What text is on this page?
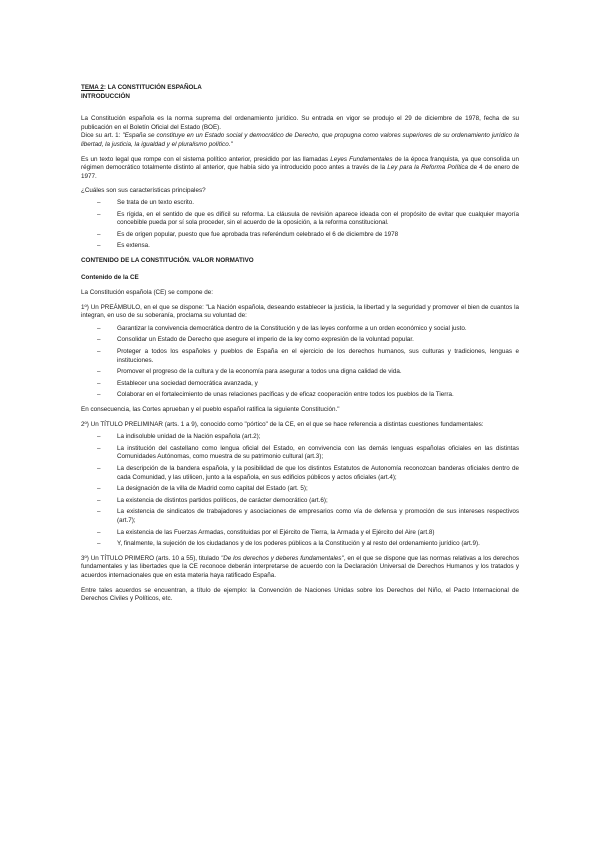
TEMA 2: LA CONSTITUCIÓN ESPAÑOLA
INTRODUCCIÓN

La Constitución española es la norma suprema del ordenamiento jurídico. Su entrada en vigor se produjo el 29 de diciembre de 1978, fecha de su publicación en el Boletín Oficial del Estado (BOE).
Dice su art. 1: "España se constituye en un Estado social y democrático de Derecho, que propugna como valores superiores de su ordenamiento jurídico la libertad, la justicia, la igualdad y el pluralismo político."

Es un texto legal que rompe con el sistema político anterior, presidido por las llamadas Leyes Fundamentales de la época franquista, ya que consolida un régimen democrático totalmente distinto al anterior, que había sido ya introducido poco antes a través de la Ley para la Reforma Política de 4 de enero de 1977.

¿Cuáles son sus características principales?

– Se trata de un texto escrito.
– Es rígida, en el sentido de que es difícil su reforma. La cláusula de revisión aparece ideada con el propósito de evitar que cualquier mayoría concebible pueda por sí sola proceder, sin el acuerdo de la oposición, a la reforma constitucional.
– Es de origen popular, puesto que fue aprobada tras referéndum celebrado el 6 de diciembre de 1978
– Es extensa.
CONTENIDO DE LA CONSTITUCIÓN. VALOR NORMATIVO
Contenido de la CE

La Constitución española (CE) se compone de:

1º) Un PREÁMBULO, en el que se dispone: "La Nación española, deseando establecer la justicia, la libertad y la seguridad y promover el bien de cuantos la integran, en uso de su soberanía, proclama su voluntad de:

– Garantizar la convivencia democrática dentro de la Constitución y de las leyes conforme a un orden económico y social justo.
– Consolidar un Estado de Derecho que asegure el imperio de la ley como expresión de la voluntad popular.
– Proteger a todos los españoles y pueblos de España en el ejercicio de los derechos humanos, sus culturas y tradiciones, lenguas e instituciones.
– Promover el progreso de la cultura y de la economía para asegurar a todos una digna calidad de vida.
– Establecer una sociedad democrática avanzada, y
– Colaborar en el fortalecimiento de unas relaciones pacíficas y de eficaz cooperación entre todos los pueblos de la Tierra.

En consecuencia, las Cortes aprueban y el pueblo español ratifica la siguiente Constitución."

2º) Un TÍTULO PRELIMINAR (arts. 1 a 9), conocido como "pórtico" de la CE, en el que se hace referencia a distintas cuestiones fundamentales:

– La indisoluble unidad de la Nación española (art.2);
– La institución del castellano como lengua oficial del Estado, en convivencia con las demás lenguas españolas oficiales en las distintas Comunidades Autónomas, como muestra de su patrimonio cultural (art.3);
– La descripción de la bandera española, y la posibilidad de que los distintos Estatutos de Autonomía reconozcan banderas oficiales dentro de cada Comunidad, y las utilicen, junto a la española, en sus edificios públicos y actos oficiales (art.4);
– La designación de la villa de Madrid como capital del Estado (art. 5);
– La existencia de distintos partidos políticos, de carácter democrático (art.6);
– La existencia de sindicatos de trabajadores y asociaciones de empresarios como vía de defensa y promoción de sus intereses respectivos (art.7);
– La existencia de las Fuerzas Armadas, constituidas por el Ejército de Tierra, la Armada y el Ejército del Aire (art.8)
– Y, finalmente, la sujeción de los ciudadanos y de los poderes públicos a la Constitución y al resto del ordenamiento jurídico (art.9).

3º) Un TÍTULO PRIMERO (arts. 10 a 55), titulado "De los derechos y deberes fundamentales", en el que se dispone que las normas relativas a los derechos fundamentales y las libertades que la CE reconoce deberán interpretarse de acuerdo con la Declaración Universal de Derechos Humanos y los tratados y acuerdos internacionales que en esta materia haya ratificado España.

Entre tales acuerdos se encuentran, a título de ejemplo: la Convención de Naciones Unidas sobre los Derechos del Niño, el Pacto Internacional de Derechos Civiles y Políticos, etc.
